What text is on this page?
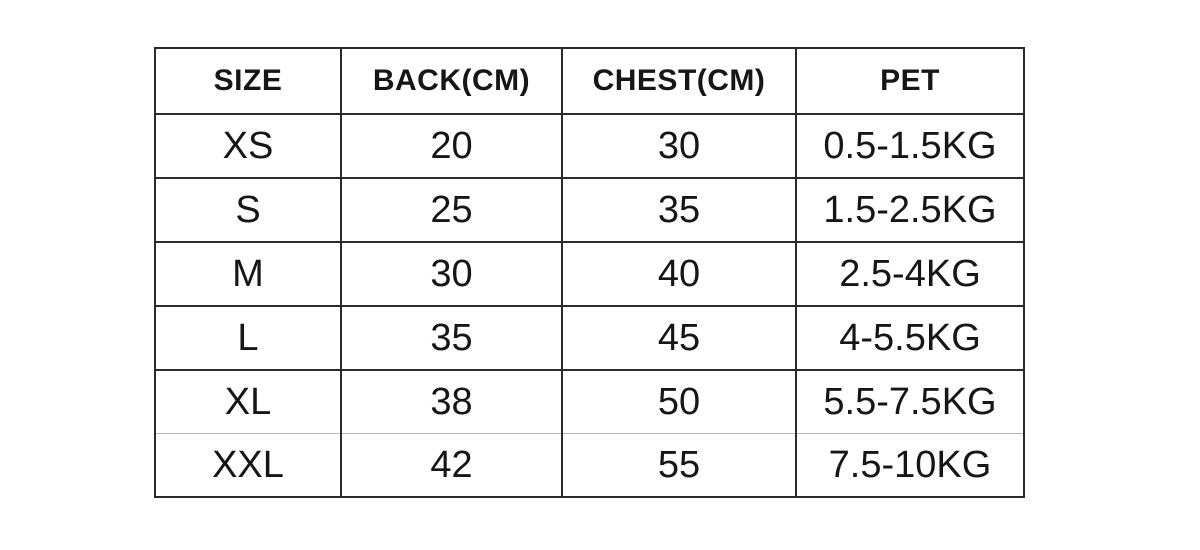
SIZE	BACK(CM)	CHEST(CM)	PET
XS	20	30	0.5-1.5KG
S	25	35	1.5-2.5KG
M	30	40	2.5-4KG
L	35	45	4-5.5KG
XL	38	50	5.5-7.5KG
XXL	42	55	7.5-10KG
